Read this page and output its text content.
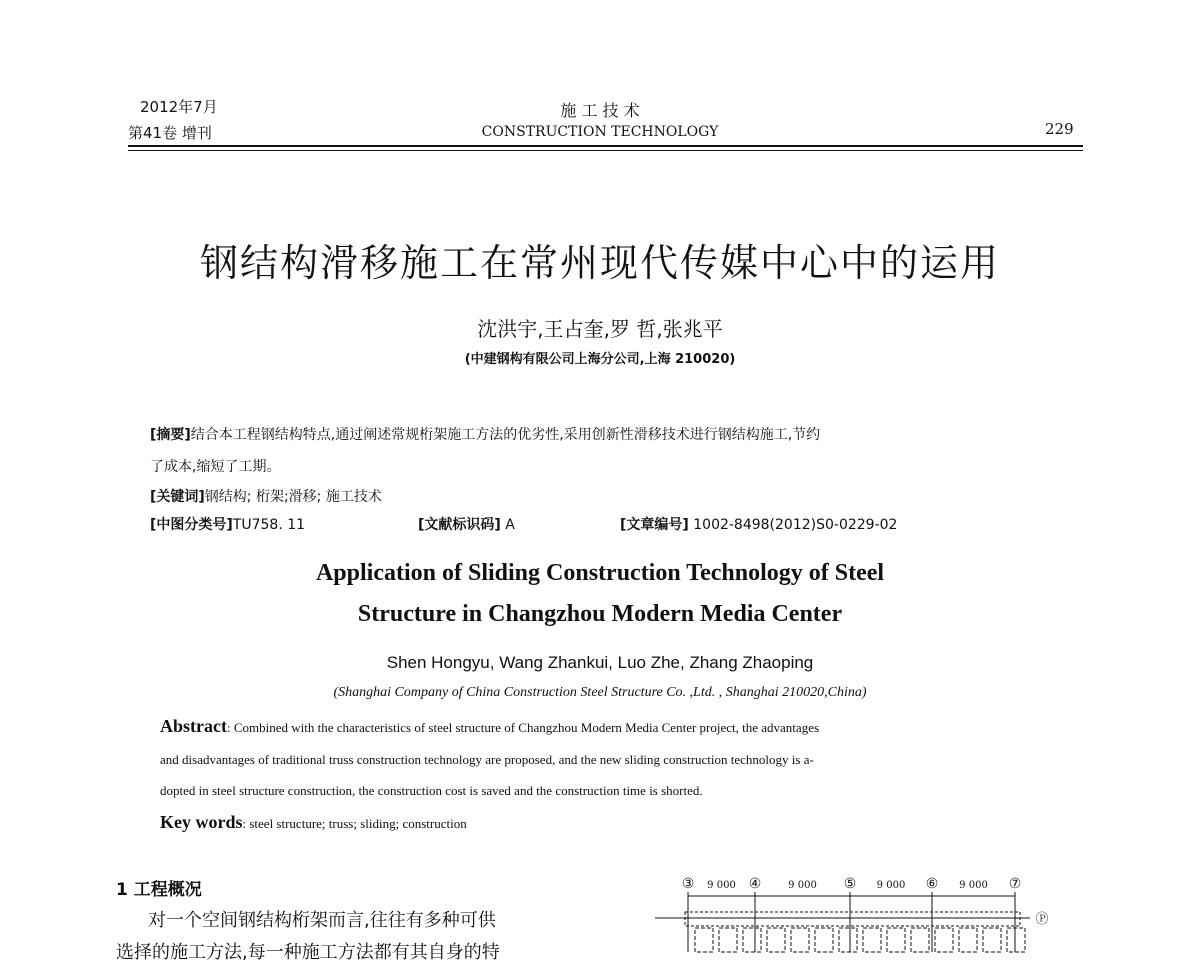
2012年7月
第41卷 增刊
施 工 技 术
CONSTRUCTION TECHNOLOGY	229
钢结构滑移施工在常州现代传媒中心中的运用
沈洪宇,王占奎,罗 哲,张兆平
(中建钢构有限公司上海分公司,上海 210020)
[摘要]结合本工程钢结构特点,通过阐述常规桁架施工方法的优劣性,采用创新性滑移技术进行钢结构施工,节约
了成本,缩短了工期。
[关键词]钢结构; 桁架;滑移; 施工技术
[中图分类号]TU758. 11	[文献标识码] A	[文章编号] 1002-8498(2012)S0-0229-02
Application of Sliding Construction Technology of Steel
Structure in Changzhou Modern Media Center
Shen Hongyu, Wang Zhankui, Luo Zhe, Zhang Zhaoping
(Shanghai Company of China Construction Steel Structure Co. ,Ltd. , Shanghai 210020,China)
Abstract: Combined with the characteristics of steel structure of Changzhou Modern Media Center project, the advantages
and disadvantages of traditional truss construction technology are proposed, and the new sliding construction technology is a-
dopted in steel structure construction, the construction cost is saved and the construction time is shorted.
Key words: steel structure; truss; sliding; construction
1 工程概况
对一个空间钢结构桁架而言,往往有多种可供
选择的施工方法,每一种施工方法都有其自身的特
③	④	⑤	⑥	⑦
9 000	9 000	9 000	9 000
Ⓟ
